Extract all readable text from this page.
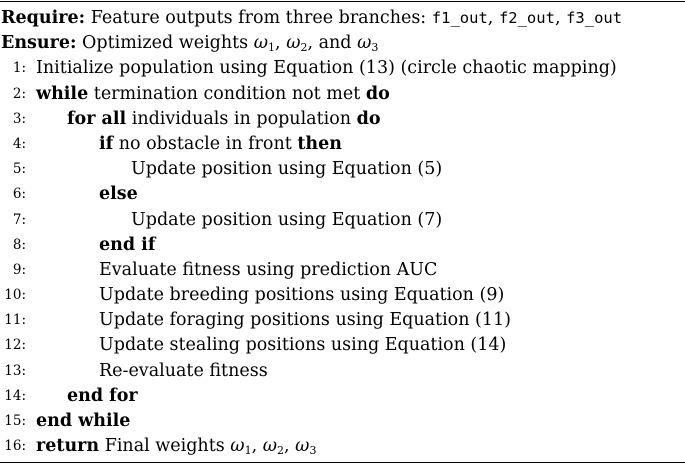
Require: Feature outputs from three branches: f1_out, f2_out, f3_out
Ensure: Optimized weights $\omega_1$, $\omega_2$, and $\omega_3$
1: Initialize population using Equation (13) (circle chaotic mapping)
2: while termination condition not met do
3: for all individuals in population do
4:	if no obstacle in front then
5:	Update position using Equation (5)
6:	else
7:	Update position using Equation (7)
8:	end if
9:	Evaluate fitness using prediction AUC
10:	Update breeding positions using Equation (9)
11:	Update foraging positions using Equation (11)
12:	Update stealing positions using Equation (14)
13:	Re-evaluate fitness
14: end for
15: end while
16: return Final weights $\omega_1$, $\omega_2$, $\omega_3$
